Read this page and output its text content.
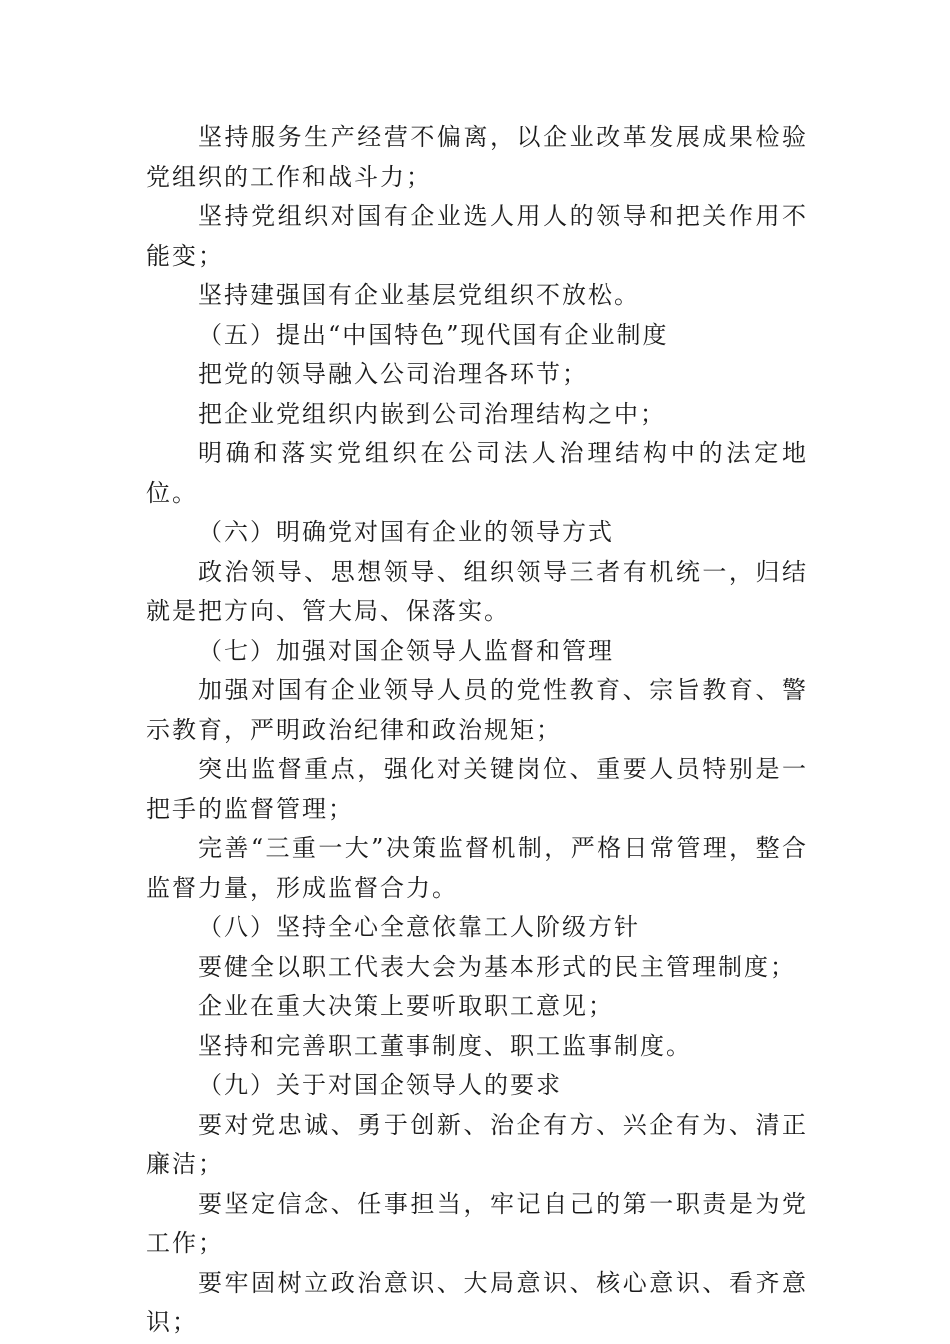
坚持服务生产经营不偏离，以企业改革发展成果检验党组织的工作和战斗力；

坚持党组织对国有企业选人用人的领导和把关作用不能变；

坚持建强国有企业基层党组织不放松。

（五）提出“中国特色”现代国有企业制度

把党的领导融入公司治理各环节；

把企业党组织内嵌到公司治理结构之中；

明确和落实党组织在公司法人治理结构中的法定地位。

（六）明确党对国有企业的领导方式

政治领导、思想领导、组织领导三者有机统一，归结就是把方向、管大局、保落实。

（七）加强对国企领导人监督和管理

加强对国有企业领导人员的党性教育、宗旨教育、警示教育，严明政治纪律和政治规矩；

突出监督重点，强化对关键岗位、重要人员特别是一把手的监督管理；

完善“三重一大”决策监督机制，严格日常管理，整合监督力量，形成监督合力。

（八）坚持全心全意依靠工人阶级方针

要健全以职工代表大会为基本形式的民主管理制度；

企业在重大决策上要听取职工意见；

坚持和完善职工董事制度、职工监事制度。

（九）关于对国企领导人的要求

要对党忠诚、勇于创新、治企有方、兴企有为、清正廉洁；

要坚定信念、任事担当，牢记自己的第一职责是为党工作；

要牢固树立政治意识、大局意识、核心意识、看齐意识；
